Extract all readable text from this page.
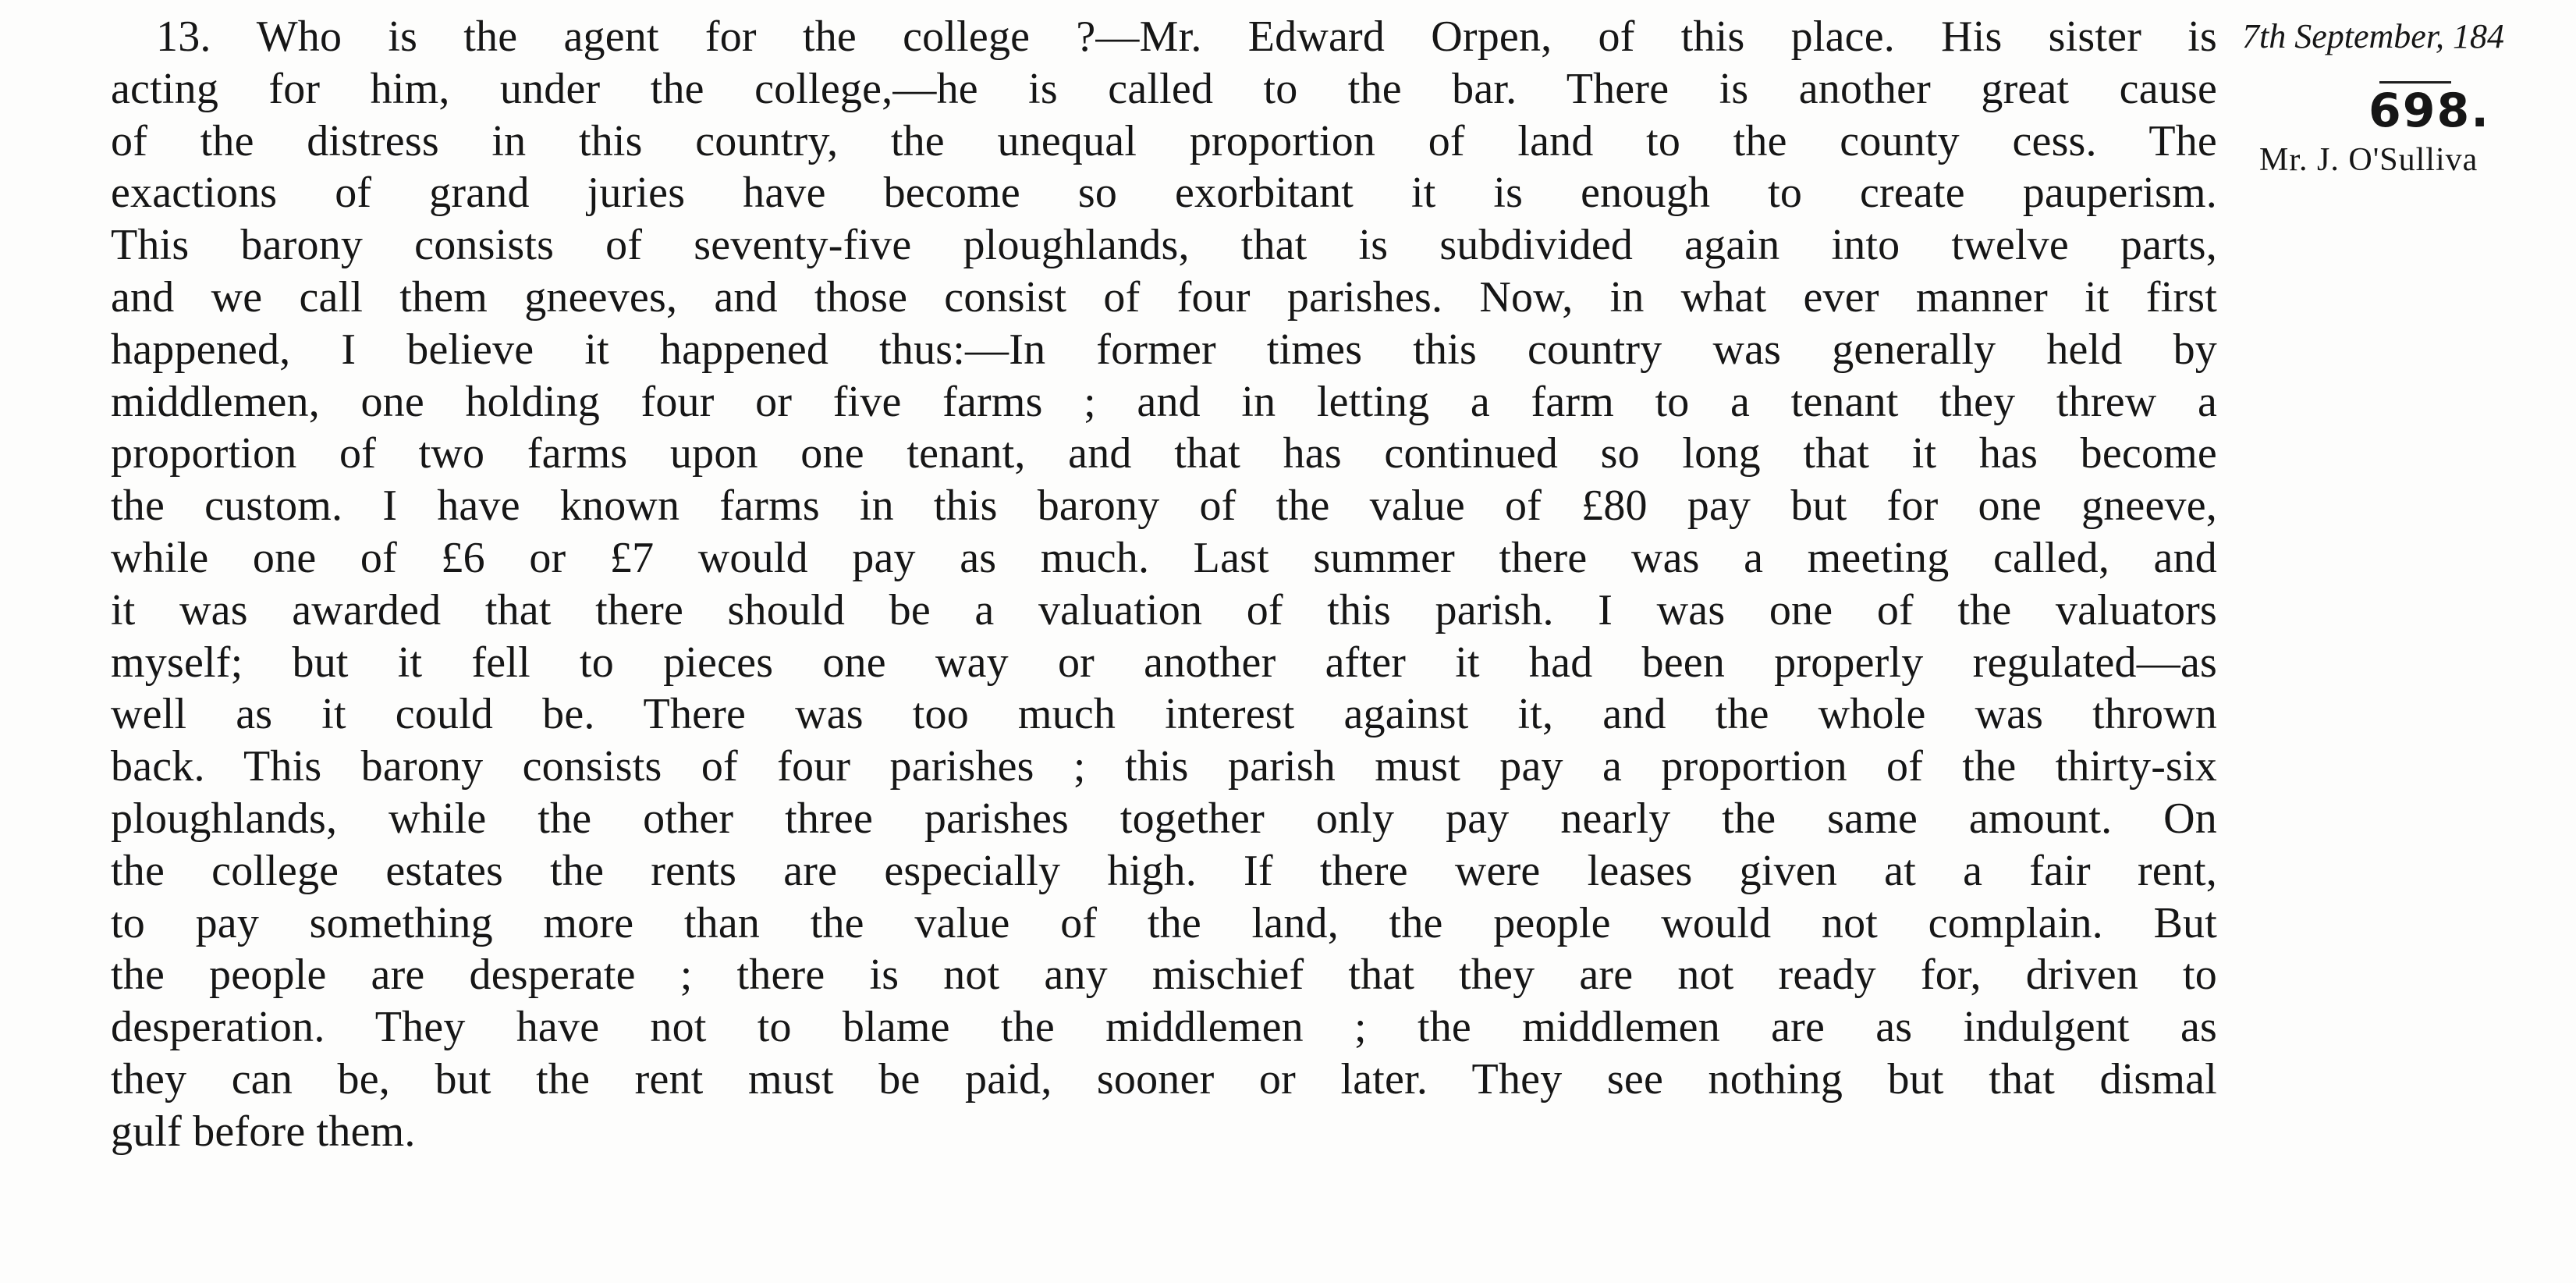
13. Who is the agent for the college ?—Mr. Edward Orpen, of this place. His sister is
acting for him, under the college,—he is called to the bar. There is another great cause
of the distress in this country, the unequal proportion of land to the county cess. The
exactions of grand juries have become so exorbitant it is enough to create pauperism.
This barony consists of seventy-five ploughlands, that is subdivided again into twelve parts,
and we call them gneeves, and those consist of four parishes. Now, in what ever manner it first
happened, I believe it happened thus:—In former times this country was generally held by
middlemen, one holding four or five farms ; and in letting a farm to a tenant they threw a
proportion of two farms upon one tenant, and that has continued so long that it has become
the custom. I have known farms in this barony of the value of £80 pay but for one gneeve,
while one of £6 or £7 would pay as much. Last summer there was a meeting called, and
it was awarded that there should be a valuation of this parish. I was one of the valuators
myself; but it fell to pieces one way or another after it had been properly regulated—as
well as it could be. There was too much interest against it, and the whole was thrown
back. This barony consists of four parishes ; this parish must pay a proportion of the thirty-six
ploughlands, while the other three parishes together only pay nearly the same amount. On
the college estates the rents are especially high. If there were leases given at a fair rent,
to pay something more than the value of the land, the people would not complain. But
the people are desperate ; there is not any mischief that they are not ready for, driven to
desperation. They have not to blame the middlemen ; the middlemen are as indulgent as
they can be, but the rent must be paid, sooner or later. They see nothing but that dismal
gulf before them.
7th September, 184
698.
Mr. J. O'Sulliva
